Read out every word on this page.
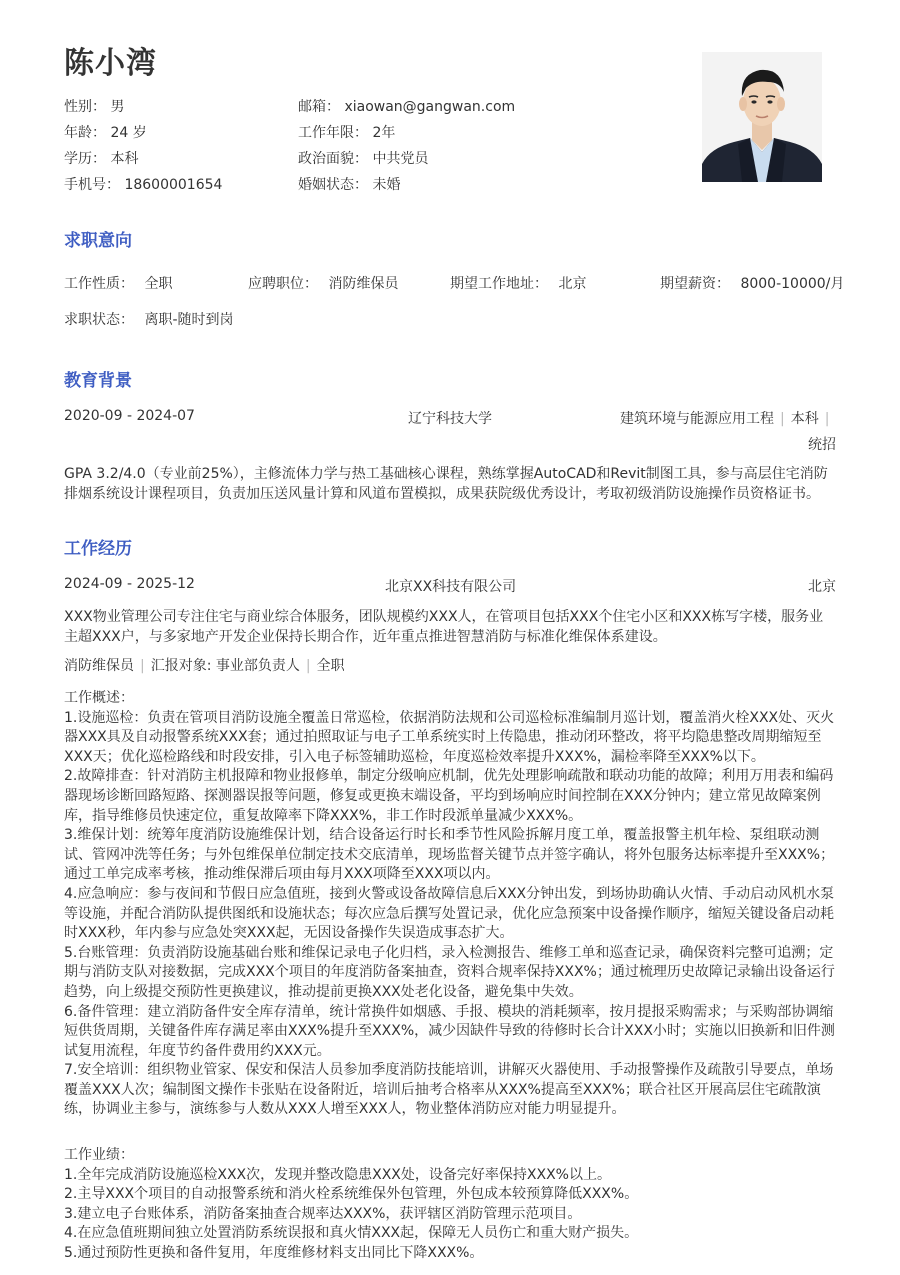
陈小湾
性别： 男
年龄： 24 岁
学历： 本科
手机号： 18600001654
邮箱： xiaowan@gangwan.com
工作年限： 2年
政治面貌： 中共党员
婚姻状态： 未婚
求职意向
工作性质： 全职	应聘职位： 消防维保员	期望工作地址： 北京	期望薪资： 8000-10000/月
求职状态： 离职-随时到岗
教育背景
2020-09 - 2024-07	辽宁科技大学	建筑环境与能源应用工程 | 本科 |
统招
GPA 3.2/4.0（专业前25%），主修流体力学与热工基础核心课程，熟练掌握AutoCAD和Revit制图工具，参与高层住宅消防排烟系统设计课程项目，负责加压送风量计算和风道布置模拟，成果获院级优秀设计，考取初级消防设施操作员资格证书。
工作经历
2024-09 - 2025-12	北京XX科技有限公司	北京
XXX物业管理公司专注住宅与商业综合体服务，团队规模约XXX人，在管项目包括XXX个住宅小区和XXX栋写字楼，服务业主超XXX户，与多家地产开发企业保持长期合作，近年重点推进智慧消防与标准化维保体系建设。
消防维保员 | 汇报对象: 事业部负责人 | 全职
工作概述：
1.设施巡检：负责在管项目消防设施全覆盖日常巡检，依据消防法规和公司巡检标准编制月巡计划，覆盖消火栓XXX处、灭火器XXX具及自动报警系统XXX套；通过拍照取证与电子工单系统实时上传隐患，推动闭环整改，将平均隐患整改周期缩短至XXX天；优化巡检路线和时段安排，引入电子标签辅助巡检，年度巡检效率提升XXX%，漏检率降至XXX%以下。
2.故障排查：针对消防主机报障和物业报修单，制定分级响应机制，优先处理影响疏散和联动功能的故障；利用万用表和编码器现场诊断回路短路、探测器误报等问题，修复或更换末端设备，平均到场响应时间控制在XXX分钟内；建立常见故障案例库，指导维修员快速定位，重复故障率下降XXX%，非工作时段派单量减少XXX%。
3.维保计划：统筹年度消防设施维保计划，结合设备运行时长和季节性风险拆解月度工单，覆盖报警主机年检、泵组联动测试、管网冲洗等任务；与外包维保单位制定技术交底清单，现场监督关键节点并签字确认，将外包服务达标率提升至XXX%；通过工单完成率考核，推动维保滞后项由每月XXX项降至XXX项以内。
4.应急响应：参与夜间和节假日应急值班，接到火警或设备故障信息后XXX分钟出发，到场协助确认火情、手动启动风机水泵等设施，并配合消防队提供图纸和设施状态；每次应急后撰写处置记录，优化应急预案中设备操作顺序，缩短关键设备启动耗时XXX秒，年内参与应急处突XXX起，无因设备操作失误造成事态扩大。
5.台账管理：负责消防设施基础台账和维保记录电子化归档，录入检测报告、维修工单和巡查记录，确保资料完整可追溯；定期与消防支队对接数据，完成XXX个项目的年度消防备案抽查，资料合规率保持XXX%；通过梳理历史故障记录输出设备运行趋势，向上级提交预防性更换建议，推动提前更换XXX处老化设备，避免集中失效。
6.备件管理：建立消防备件安全库存清单，统计常换件如烟感、手报、模块的消耗频率，按月提报采购需求；与采购部协调缩短供货周期，关键备件库存满足率由XXX%提升至XXX%，减少因缺件导致的待修时长合计XXX小时；实施以旧换新和旧件测试复用流程，年度节约备件费用约XXX元。
7.安全培训：组织物业管家、保安和保洁人员参加季度消防技能培训，讲解灭火器使用、手动报警操作及疏散引导要点，单场覆盖XXX人次；编制图文操作卡张贴在设备附近，培训后抽考合格率从XXX%提高至XXX%；联合社区开展高层住宅疏散演练，协调业主参与，演练参与人数从XXX人增至XXX人，物业整体消防应对能力明显提升。
工作业绩：
1.全年完成消防设施巡检XXX次，发现并整改隐患XXX处，设备完好率保持XXX%以上。
2.主导XXX个项目的自动报警系统和消火栓系统维保外包管理，外包成本较预算降低XXX%。
3.建立电子台账体系，消防备案抽查合规率达XXX%，获评辖区消防管理示范项目。
4.在应急值班期间独立处置消防系统误报和真火情XXX起，保障无人员伤亡和重大财产损失。
5.通过预防性更换和备件复用，年度维修材料支出同比下降XXX%。
